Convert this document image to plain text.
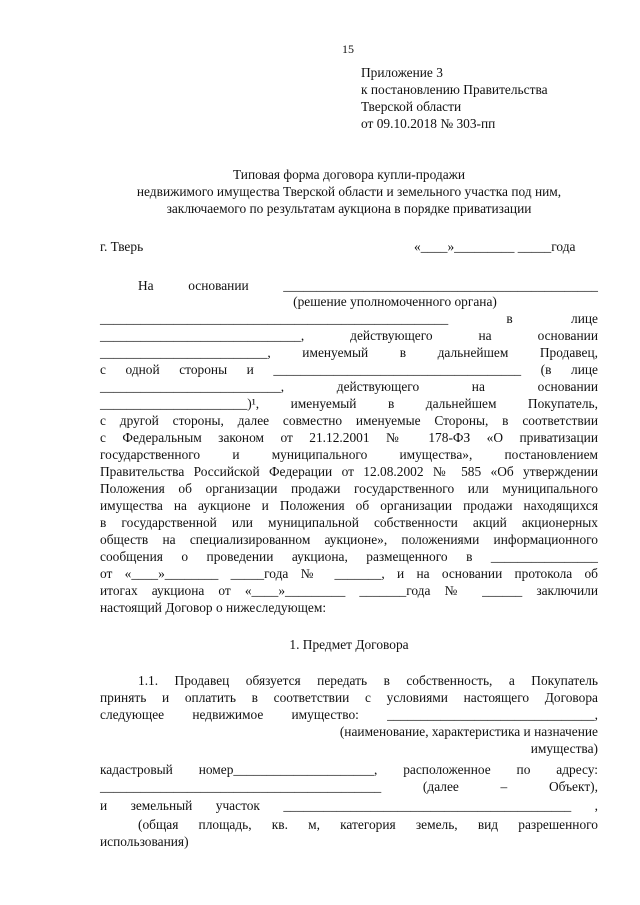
15
Приложение 3
к постановлению Правительства
Тверской области
от 09.10.2018 № 303-пп
Типовая форма договора купли-продажи
недвижимого имущества Тверской области и земельного участка под ним,
заключаемого по результатам аукциона в порядке приватизации
г. Тверь	«____»_________ _____года
На основании _______________________________________________
(решение уполномоченного органа)
____________________________________________________ в лице
______________________________, действующего на основании
_________________________, именуемый в дальнейшем Продавец,
с одной стороны и _____________________________________ (в лице
___________________________, действующего на основании
______________________)¹, именуемый в дальнейшем Покупатель,
с другой стороны, далее совместно именуемые Стороны, в соответствии
с Федеральным законом от 21.12.2001 № 178-ФЗ «О приватизации
государственного и муниципального имущества», постановлением
Правительства Российской Федерации от 12.08.2002 № 585 «Об утверждении
Положения об организации продажи государственного или муниципального
имущества на аукционе и Положения об организации продажи находящихся
в государственной или муниципальной собственности акций акционерных
обществ на специализированном аукционе», положениями информационного
сообщения о проведении аукциона, размещенного в ________________
от «____»________ _____года № _______, и на основании протокола об
итогах аукциона от «____»_________ _______года № ______ заключили
настоящий Договор о нижеследующем:
1. Предмет Договора
1.1. Продавец обязуется передать в собственность, а Покупатель
принять и оплатить в соответствии с условиями настоящего Договора
следующее недвижимое имущество: _______________________________,
(наименование, характеристика и назначение
имущества)
кадастровый номер_____________________, расположенное по адресу:
__________________________________________ (далее – Объект),
и земельный участок ___________________________________________ ,
(общая площадь, кв. м, категория земель, вид разрешенного
использования)
